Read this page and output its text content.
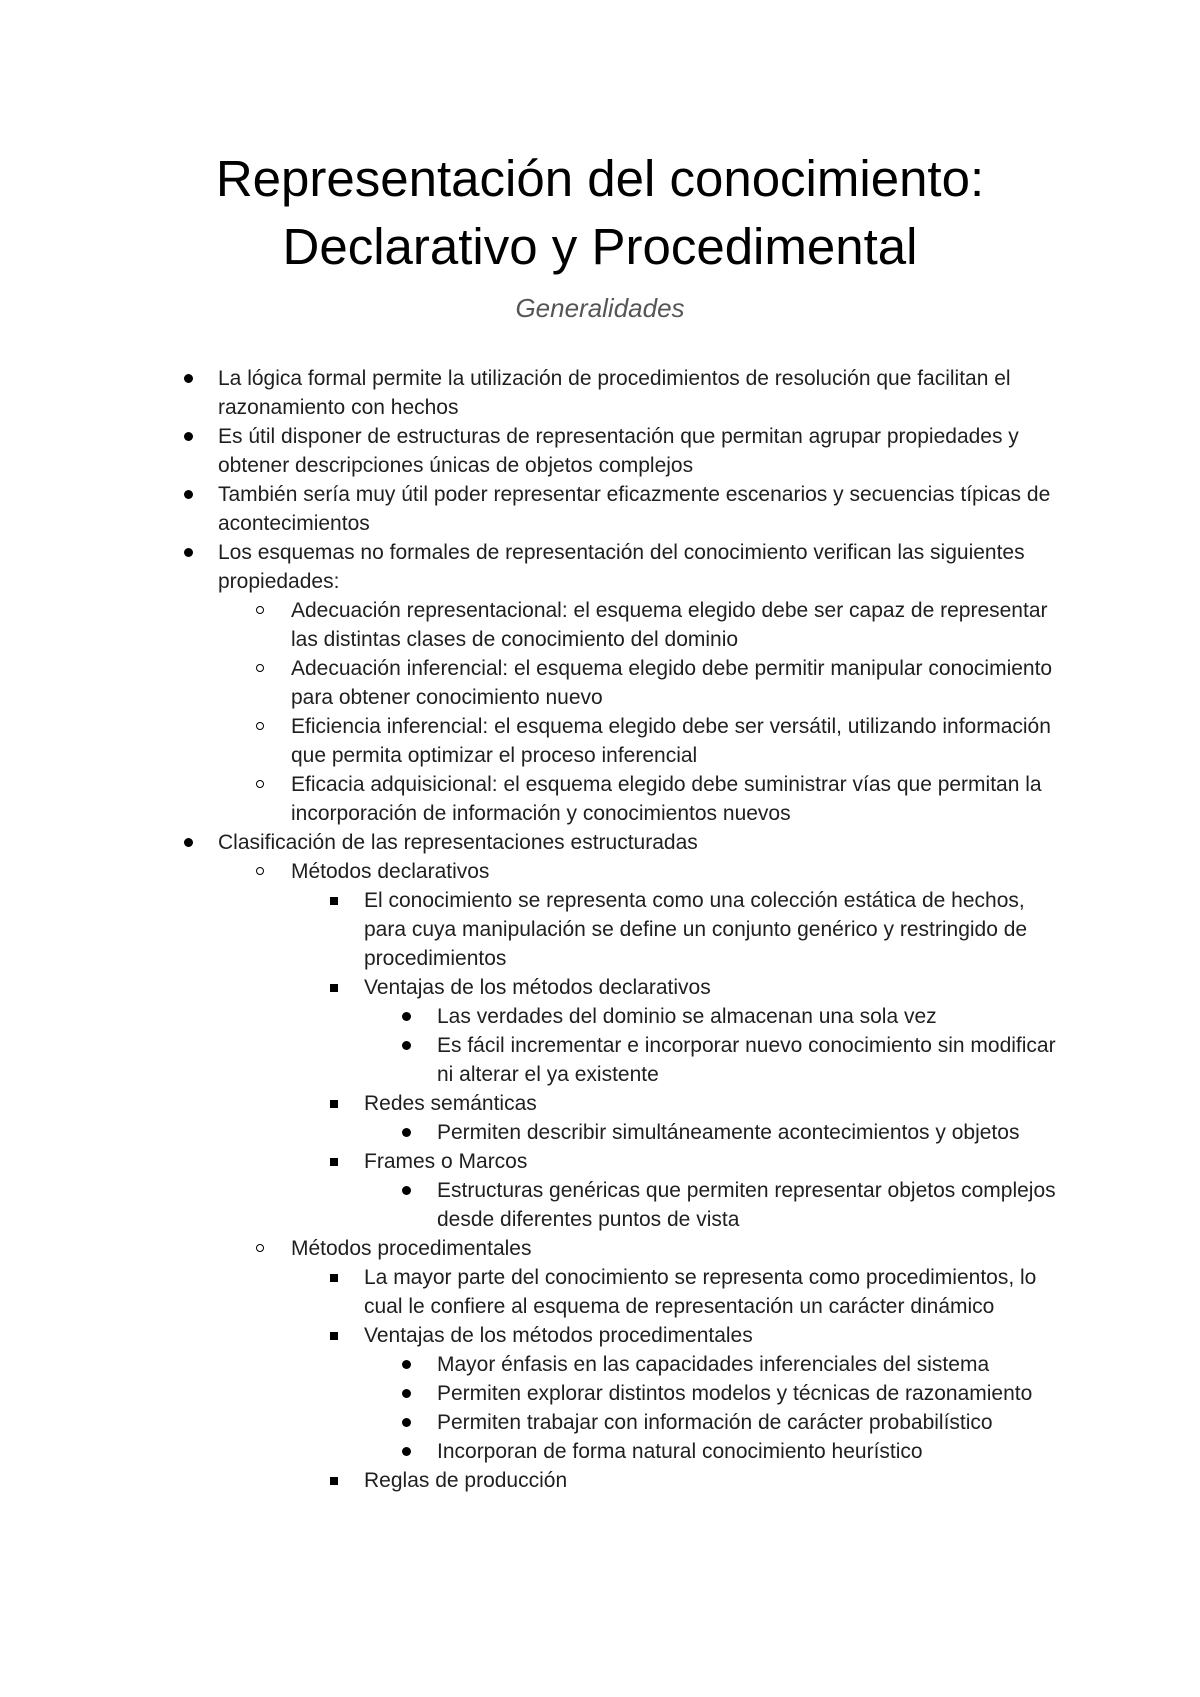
Representación del conocimiento:
Declarativo y Procedimental
Generalidades
La lógica formal permite la utilización de procedimientos de resolución que facilitan el razonamiento con hechos
Es útil disponer de estructuras de representación que permitan agrupar propiedades y obtener descripciones únicas de objetos complejos
También sería muy útil poder representar eficazmente escenarios y secuencias típicas de acontecimientos
Los esquemas no formales de representación del conocimiento verifican las siguientes propiedades:
Adecuación representacional: el esquema elegido debe ser capaz de representar las distintas clases de conocimiento del dominio
Adecuación inferencial: el esquema elegido debe permitir manipular conocimiento para obtener conocimiento nuevo
Eficiencia inferencial: el esquema elegido debe ser versátil, utilizando información que permita optimizar el proceso inferencial
Eficacia adquisicional: el esquema elegido debe suministrar vías que permitan la incorporación de información y conocimientos nuevos
Clasificación de las representaciones estructuradas
Métodos declarativos
El conocimiento se representa como una colección estática de hechos, para cuya manipulación se define un conjunto genérico y restringido de procedimientos
Ventajas de los métodos declarativos
Las verdades del dominio se almacenan una sola vez
Es fácil incrementar e incorporar nuevo conocimiento sin modificar ni alterar el ya existente
Redes semánticas
Permiten describir simultáneamente acontecimientos y objetos
Frames o Marcos
Estructuras genéricas que permiten representar objetos complejos desde diferentes puntos de vista
Métodos procedimentales
La mayor parte del conocimiento se representa como procedimientos, lo cual le confiere al esquema de representación un carácter dinámico
Ventajas de los métodos procedimentales
Mayor énfasis en las capacidades inferenciales del sistema
Permiten explorar distintos modelos y técnicas de razonamiento
Permiten trabajar con información de carácter probabilístico
Incorporan de forma natural conocimiento heurístico
Reglas de producción
